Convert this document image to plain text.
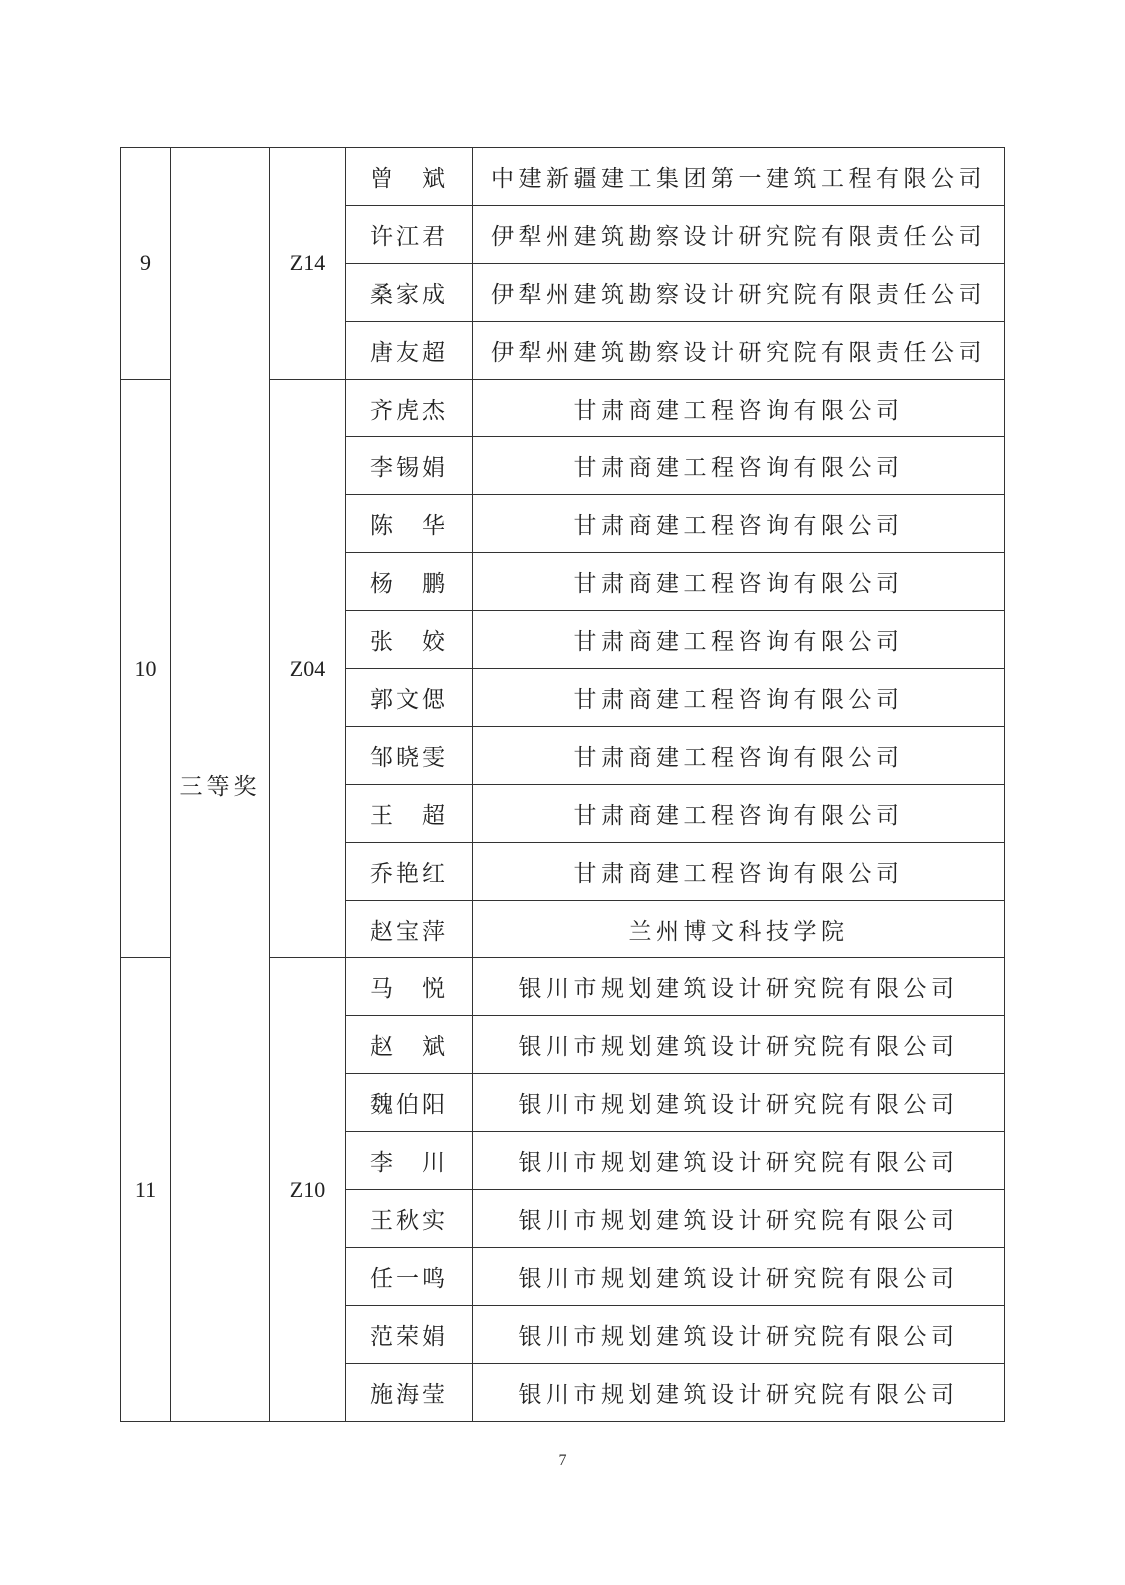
9	三等奖	Z14	曾　斌	中建新疆建工集团第一建筑工程有限公司
			许江君	伊犁州建筑勘察设计研究院有限责任公司
			桑家成	伊犁州建筑勘察设计研究院有限责任公司
			唐友超	伊犁州建筑勘察设计研究院有限责任公司
10		Z04	齐虎杰	甘肃商建工程咨询有限公司
			李锡娟	甘肃商建工程咨询有限公司
			陈　华	甘肃商建工程咨询有限公司
			杨　鹏	甘肃商建工程咨询有限公司
			张　姣	甘肃商建工程咨询有限公司
			郭文偲	甘肃商建工程咨询有限公司
			邹晓雯	甘肃商建工程咨询有限公司
			王　超	甘肃商建工程咨询有限公司
			乔艳红	甘肃商建工程咨询有限公司
			赵宝萍	兰州博文科技学院
11		Z10	马　悦	银川市规划建筑设计研究院有限公司
			赵　斌	银川市规划建筑设计研究院有限公司
			魏伯阳	银川市规划建筑设计研究院有限公司
			李　川	银川市规划建筑设计研究院有限公司
			王秋实	银川市规划建筑设计研究院有限公司
			任一鸣	银川市规划建筑设计研究院有限公司
			范荣娟	银川市规划建筑设计研究院有限公司
			施海莹	银川市规划建筑设计研究院有限公司
7
